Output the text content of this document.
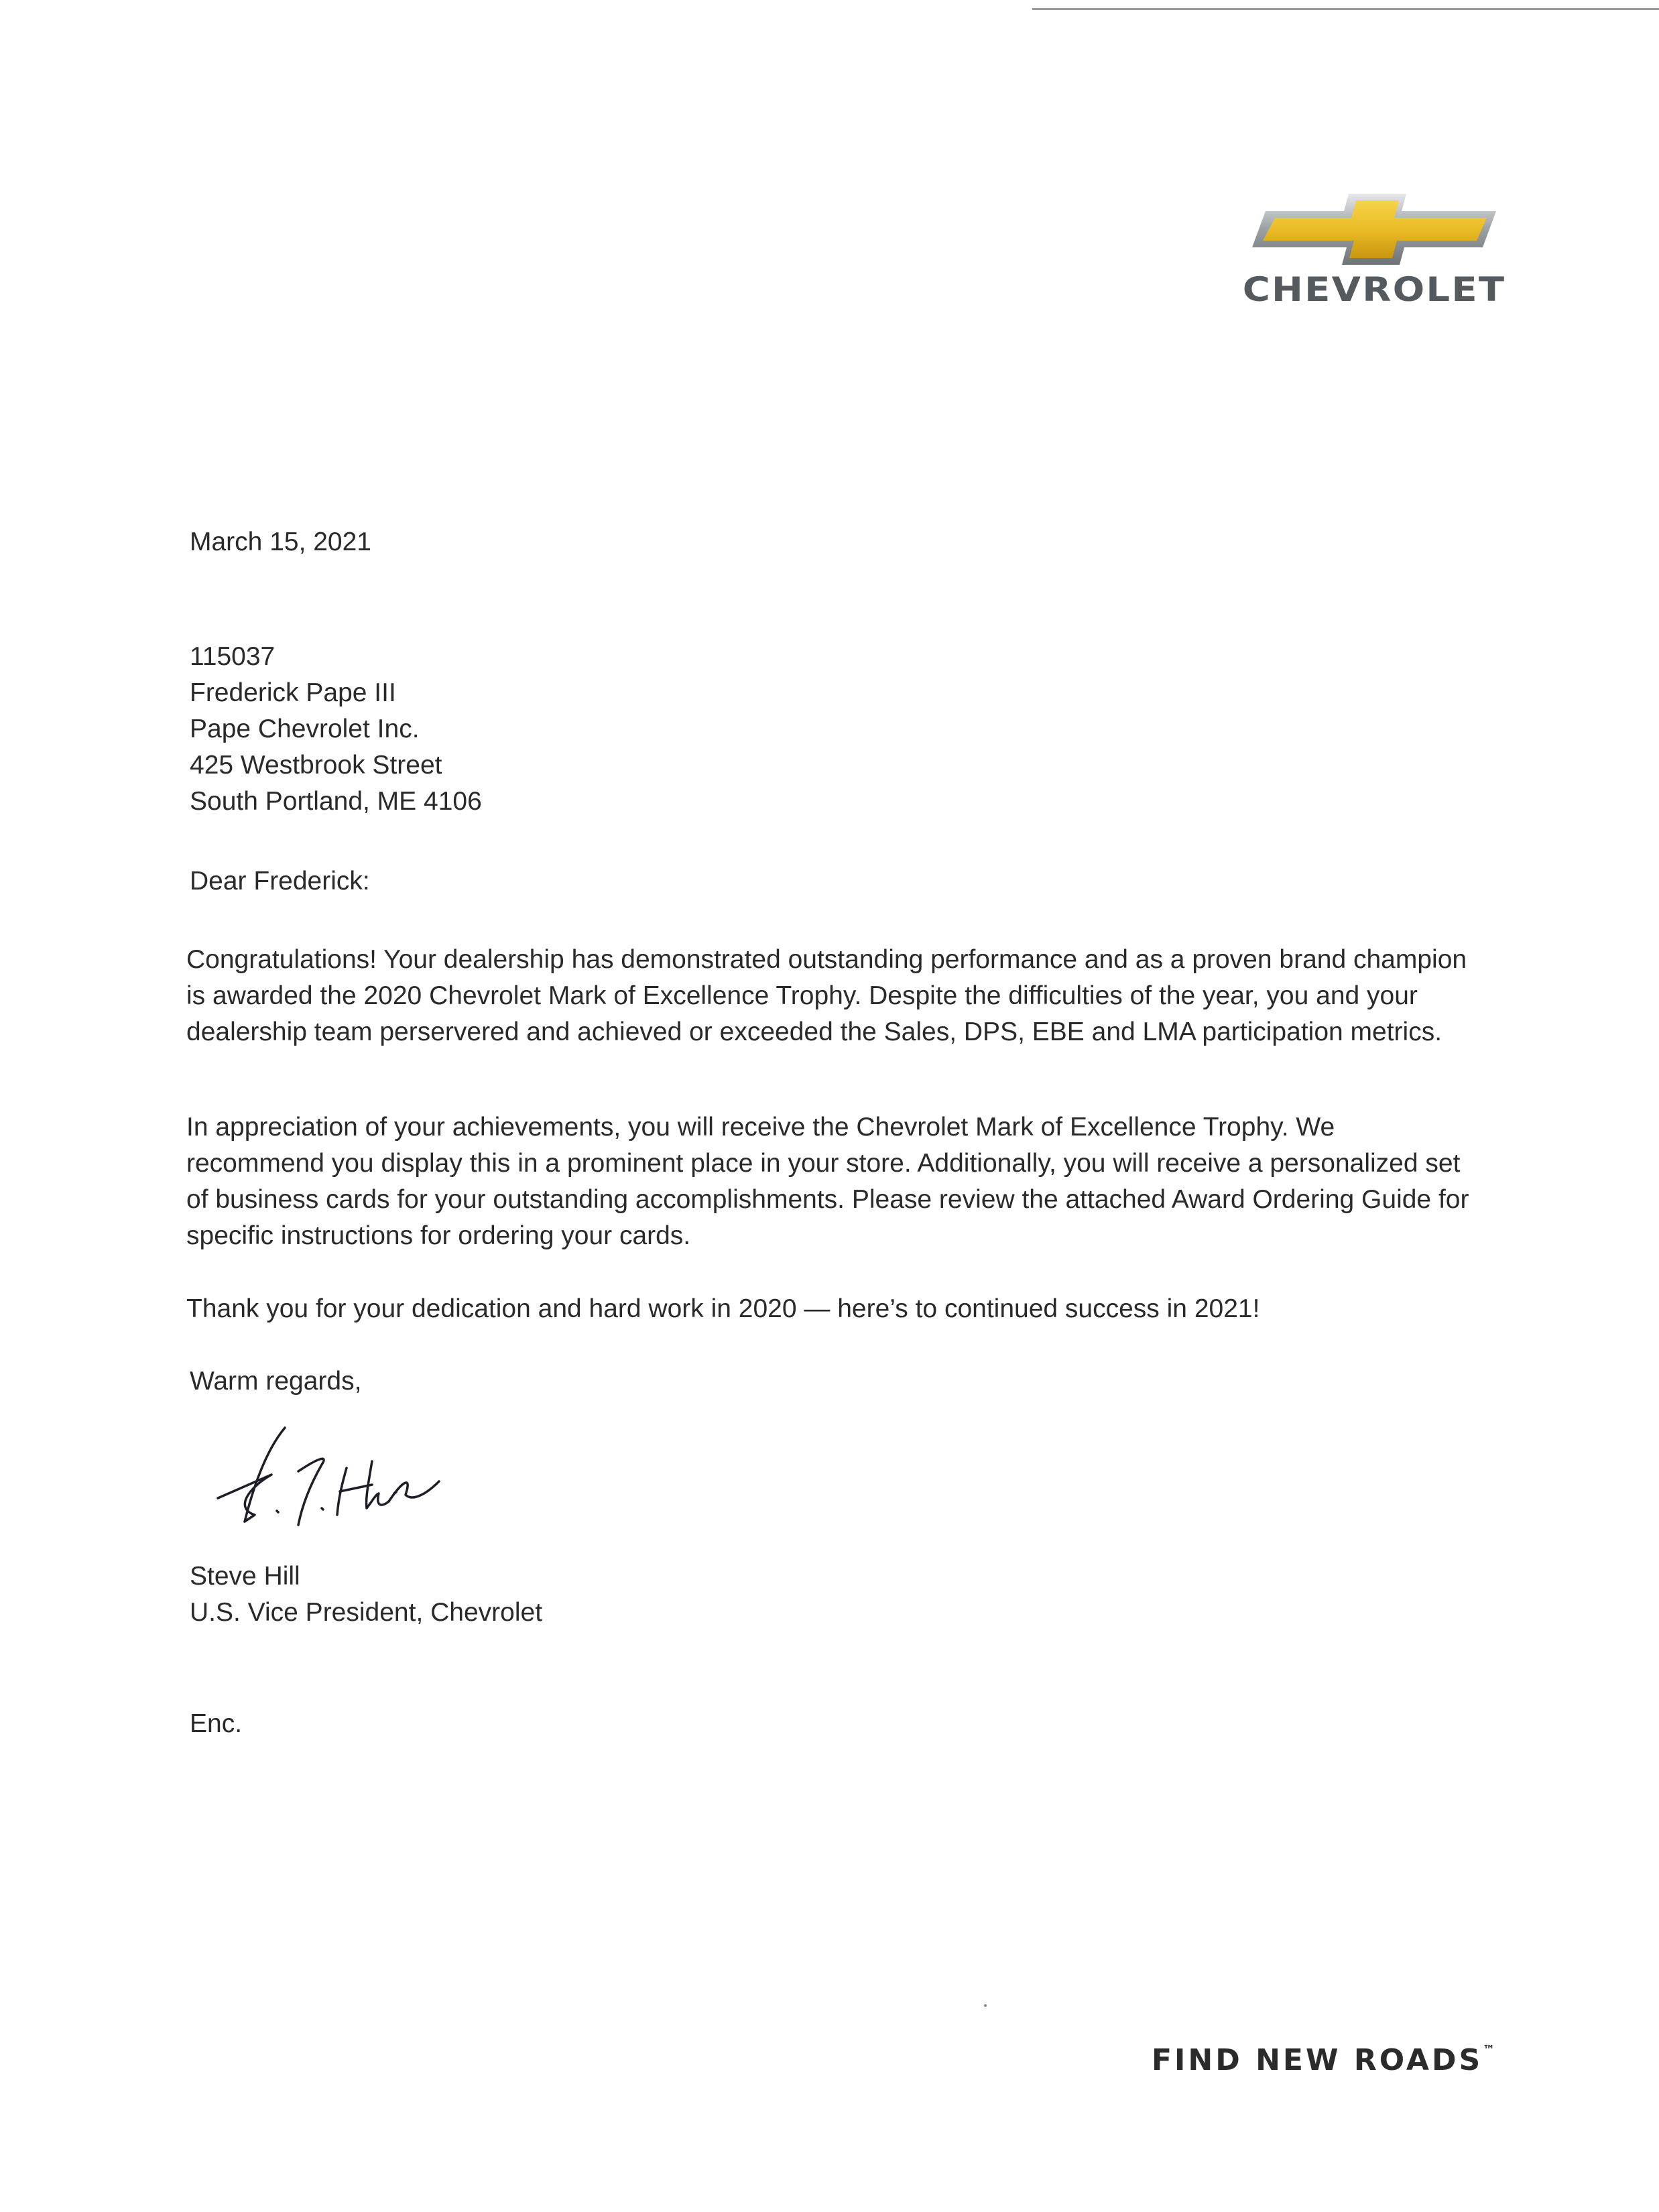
CHEVROLET
March 15, 2021
115037
Frederick Pape III
Pape Chevrolet Inc.
425 Westbrook Street
South Portland, ME 4106
Dear Frederick:

Congratulations! Your dealership has demonstrated outstanding performance and as a proven brand champion is awarded the 2020 Chevrolet Mark of Excellence Trophy. Despite the difficulties of the year, you and your dealership team perservered and achieved or exceeded the Sales, DPS, EBE and LMA participation metrics.

In appreciation of your achievements, you will receive the Chevrolet Mark of Excellence Trophy. We recommend you display this in a prominent place in your store. Additionally, you will receive a personalized set of business cards for your outstanding accomplishments. Please review the attached Award Ordering Guide for specific instructions for ordering your cards.

Thank you for your dedication and hard work in 2020 — here’s to continued success in 2021!

Warm regards,
Steve Hill
U.S. Vice President, Chevrolet
Enc.
FIND NEW ROADS™
